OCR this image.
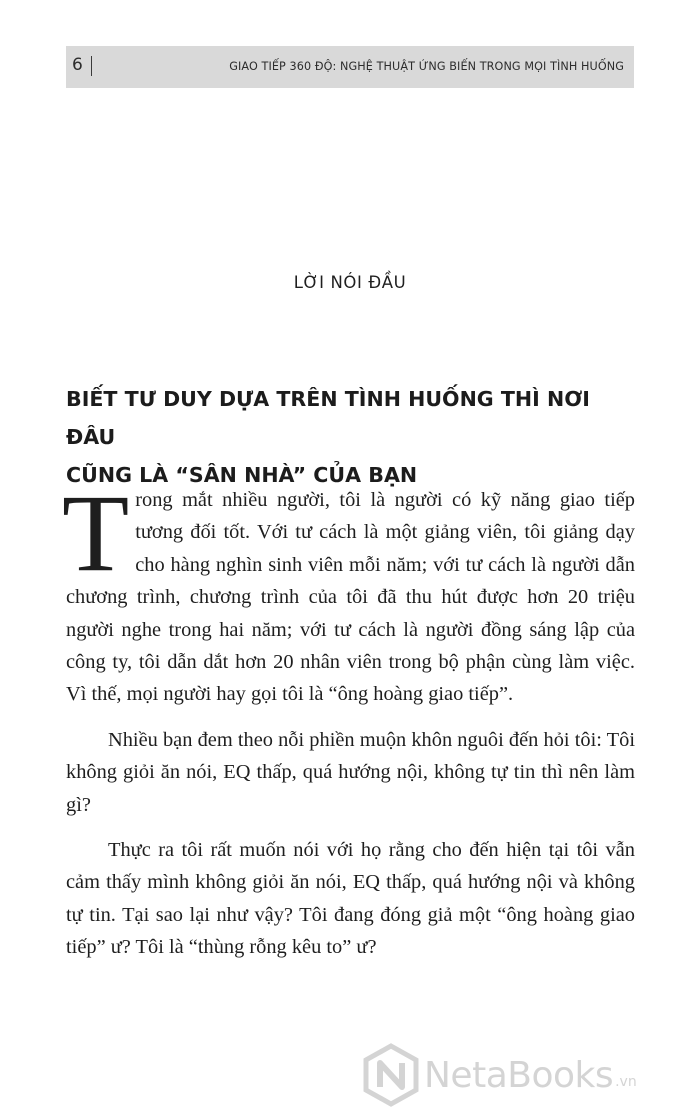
6	GIAO TIẾP 360 ĐỘ: NGHỆ THUẬT ỨNG BIẾN TRONG MỌI TÌNH HUỐNG
LỜI NÓI ĐẦU
BIẾT TƯ DUY DỰA TRÊN TÌNH HUỐNG THÌ NƠI ĐÂU
CŨNG LÀ “SÂN NHÀ” CỦA BẠN

Trong mắt nhiều người, tôi là người có kỹ năng giao tiếp tương đối tốt. Với tư cách là một giảng viên, tôi giảng dạy cho hàng nghìn sinh viên mỗi năm; với tư cách là người dẫn chương trình, chương trình của tôi đã thu hút được hơn 20 triệu người nghe trong hai năm; với tư cách là người đồng sáng lập của công ty, tôi dẫn dắt hơn 20 nhân viên trong bộ phận cùng làm việc. Vì thế, mọi người hay gọi tôi là “ông hoàng giao tiếp”.

Nhiều bạn đem theo nỗi phiền muộn khôn nguôi đến hỏi tôi: Tôi không giỏi ăn nói, EQ thấp, quá hướng nội, không tự tin thì nên làm gì?

Thực ra tôi rất muốn nói với họ rằng cho đến hiện tại tôi vẫn cảm thấy mình không giỏi ăn nói, EQ thấp, quá hướng nội và không tự tin. Tại sao lại như vậy? Tôi đang đóng giả một “ông hoàng giao tiếp” ư? Tôi là “thùng rỗng kêu to” ư?

NetaBooks .vn
